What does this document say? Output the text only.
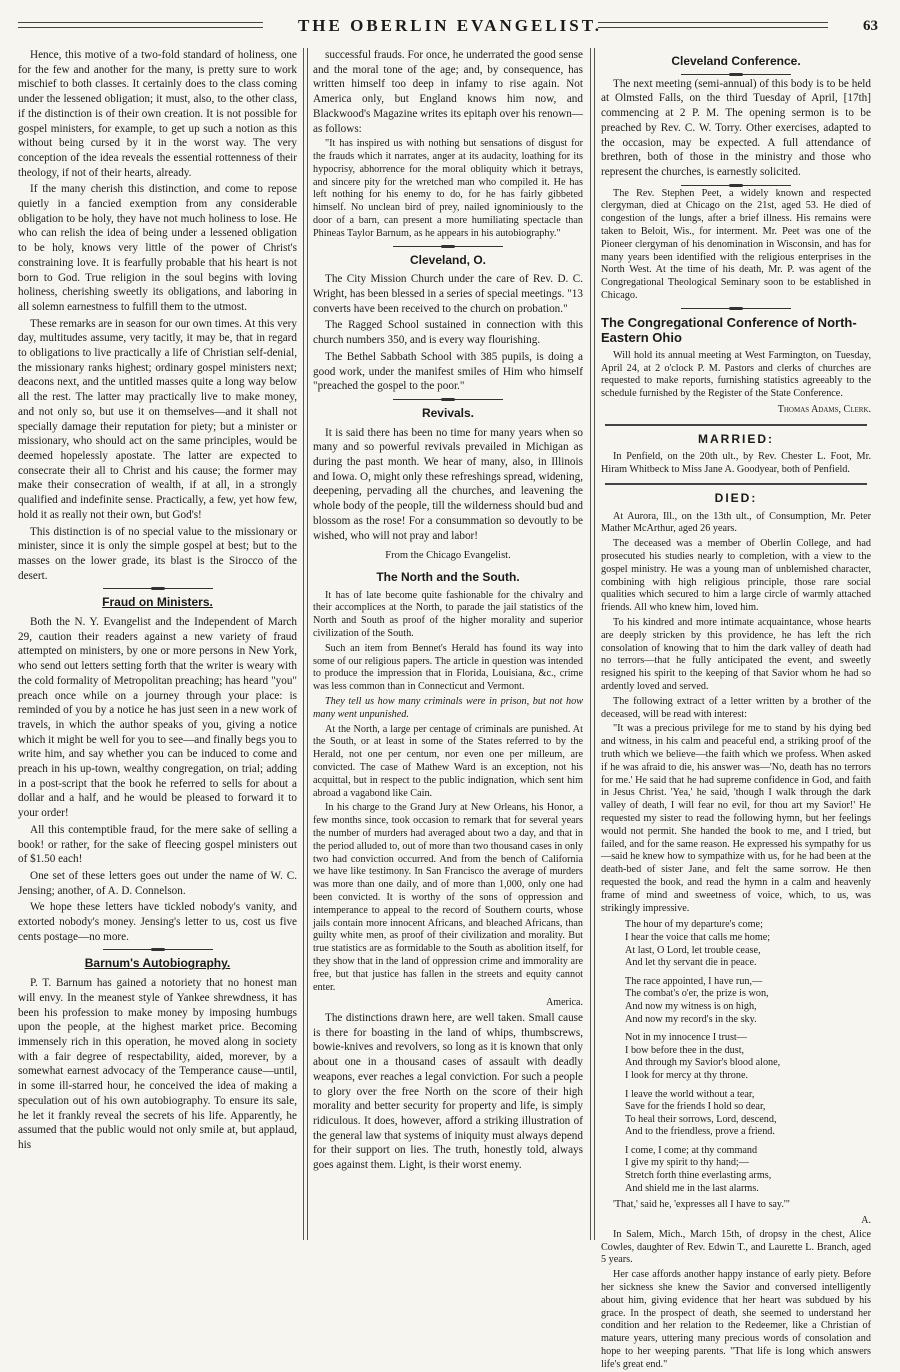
THE OBERLIN EVANGELIST.	63

Hence, this motive of a two-fold standard of holiness, one for the few and another for the many, is pretty sure to work mischief to both classes. It certainly does to the class coming under the lessened obligation; it must, also, to the other class, if the distinction is of their own creation. It is not possible for gospel ministers, for example, to get up such a notion as this without being cursed by it in the worst way. The very conception of the idea reveals the essential rottenness of their theology, if not of their hearts, already.

If the many cherish this distinction, and come to repose quietly in a fancied exemption from any considerable obligation to be holy, they have not much holiness to lose. He who can relish the idea of being under a lessened obligation to be holy, knows very little of the power of Christ's constraining love. It is fearfully probable that his heart is not born to God. True religion in the soul begins with loving holiness, cherishing sweetly its obligations, and laboring in all solemn earnestness to fulfill them to the utmost.

These remarks are in season for our own times. At this very day, multitudes assume, very tacitly, it may be, that in regard to obligations to live practically a life of Christian self-denial, the missionary ranks highest; ordinary gospel ministers next; deacons next, and the untitled masses quite a long way below all the rest. The latter may practically live to make money, and not only so, but use it on themselves—and it shall not specially damage their reputation for piety; but a minister or missionary, who should act on the same principles, would be deemed hopelessly apostate. The latter are expected to consecrate their all to Christ and his cause; the former may make their consecration of wealth, if at all, in a strongly qualified and indefinite sense. Practically, a few, yet how few, hold it as really not their own, but God's!

This distinction is of no special value to the missionary or minister, since it is only the simple gospel at best; but to the masses on the lower grade, its blast is the Sirocco of the desert.

Fraud on Ministers.

Both the N. Y. Evangelist and the Independent of March 29, caution their readers against a new variety of fraud attempted on ministers, by one or more persons in New York, who send out letters setting forth that the writer is weary with the cold formality of Metropolitan preaching; has heard "you" preach once while on a journey through your place: is reminded of you by a notice he has just seen in a new work of travels, in which the author speaks of you, giving a notice which it might be well for you to see—and finally begs you to write him, and say whether you can be induced to come and preach in his up-town, wealthy congregation, on trial; adding in a post-script that the book he referred to sells for about a dollar and a half, and he would be pleased to forward it to your order!

All this contemptible fraud, for the mere sake of selling a book! or rather, for the sake of fleecing gospel ministers out of $1.50 each!

One set of these letters goes out under the name of W. C. Jensing; another, of A. D. Connelson.

We hope these letters have tickled nobody's vanity, and extorted nobody's money. Jensing's letter to us, cost us five cents postage—no more.

Barnum's Autobiography.

P. T. Barnum has gained a notoriety that no honest man will envy. In the meanest style of Yankee shrewdness, it has been his profession to make money by imposing humbugs upon the people, at the highest market price. Becoming immensely rich in this operation, he moved along in society with a fair degree of respectability, aided, morever, by a somewhat earnest advocacy of the Temperance cause—until, in some ill-starred hour, he conceived the idea of making a speculation out of his own autobiography. To ensure its sale, he let it frankly reveal the secrets of his life. Apparently, he assumed that the public would not only smile at, but applaud, his

successful frauds. For once, he underrated the good sense and the moral tone of the age; and, by consequence, has written himself too deep in infamy to rise again. Not America only, but England knows him now, and Blackwood's Magazine writes its epitaph over his renown—as follows:

"It has inspired us with nothing but sensations of disgust for the frauds which it narrates, anger at its audacity, loathing for its hypocrisy, abhorrence for the moral obliquity which it betrays, and sincere pity for the wretched man who compiled it. He has left nothing for his enemy to do, for he has fairly gibbeted himself. No unclean bird of prey, nailed ignominiously to the door of a barn, can present a more humiliating spectacle than Phineas Taylor Barnum, as he appears in his autobiography."

Cleveland, O.

The City Mission Church under the care of Rev. D. C. Wright, has been blessed in a series of special meetings. "13 converts have been received to the church on probation."

The Ragged School sustained in connection with this church numbers 350, and is every way flourishing.

The Bethel Sabbath School with 385 pupils, is doing a good work, under the manifest smiles of Him who himself "preached the gospel to the poor."

Revivals.

It is said there has been no time for many years when so many and so powerful revivals prevailed in Michigan as during the past month. We hear of many, also, in Illinois and Iowa. O, might only these refreshings spread, widening, deepening, pervading all the churches, and leavening the whole body of the people, till the wilderness should bud and blossom as the rose! For a consummation so devoutly to be wished, who will not pray and labor!

From the Chicago Evangelist.
The North and the South.

It has of late become quite fashionable for the chivalry and their accomplices at the North, to parade the jail statistics of the North and South as proof of the higher morality and superior civilization of the South.

Such an item from Bennet's Herald has found its way into some of our religious papers. The article in question was intended to produce the impression that in Florida, Louisiana, &c., crime was less common than in Connecticut and Vermont.

They tell us how many criminals were in prison, but not how many went unpunished.

At the North, a large per centage of criminals are punished. At the South, or at least in some of the States referred to by the Herald, not one per centum, nor even one per milleum, are convicted. The case of Mathew Ward is an exception, not his acquittal, but in respect to the public indignation, which sent him abroad a vagabond like Cain.

In his charge to the Grand Jury at New Orleans, his Honor, a few months since, took occasion to remark that for several years the number of murders had averaged about two a day, and that in the period alluded to, out of more than two thousand cases in only two had conviction occurred. And from the bench of California we have like testimony. In San Francisco the average of murders was more than one daily, and of more than 1,000, only one had been convicted. It is worthy of the sons of oppression and intemperance to appeal to the record of Southern courts, whose jails contain more innocent Africans, and bleached Africans, than guilty white men, as proof of their civilization and morality. But true statistics are as formidable to the South as abolition itself, for they show that in the land of oppression crime and immorality are free, but that justice has fallen in the streets and equity cannot enter.

America.

The distinctions drawn here, are well taken. Small cause is there for boasting in the land of whips, thumbscrews, bowie-knives and revolvers, so long as it is known that only about one in a thousand cases of assault with deadly weapons, ever reaches a legal conviction. For such a people to glory over the free North on the score of their high morality and better security for property and life, is simply ridiculous. It does, however, afford a striking illustration of the general law that systems of iniquity must always depend for their support on lies. The truth, honestly told, always goes against them. Light, is their worst enemy.

Cleveland Conference.

The next meeting (semi-annual) of this body is to be held at Olmsted Falls, on the third Tuesday of April, [17th] commencing at 2 P. M. The opening sermon is to be preached by Rev. C. W. Torry. Other exercises, adapted to the occasion, may be expected. A full attendance of brethren, both of those in the ministry and those who represent the churches, is earnestly solicited.

The Rev. Stephen Peet, a widely known and respected clergyman, died at Chicago on the 21st, aged 53. He died of congestion of the lungs, after a brief illness. His remains were taken to Beloit, Wis., for interment. Mr. Peet was one of the Pioneer clergyman of his denomination in Wisconsin, and has for many years been identified with the religious enterprises in the North West. At the time of his death, Mr. P. was agent of the Congregational Theological Seminary soon to be established in Chicago.

The Congregational Conference of North-Eastern Ohio

Will hold its annual meeting at West Farmington, on Tuesday, April 24, at 2 o'clock P. M. Pastors and clerks of churches are requested to make reports, furnishing statistics agreeably to the schedule furnished by the Register of the State Conference.

Thomas Adams, Clerk.
MARRIED:

In Penfield, on the 20th ult., by Rev. Chester L. Foot, Mr. Hiram Whitbeck to Miss Jane A. Goodyear, both of Penfield.

DIED:

At Aurora, Ill., on the 13th ult., of Consumption, Mr. Peter Mather McArthur, aged 26 years.

The deceased was a member of Oberlin College, and had prosecuted his studies nearly to completion, with a view to the gospel ministry. He was a young man of unblemished character, combining with high religious principle, those rare social qualities which secured to him a large circle of warmly attached friends. All who knew him, loved him.

To his kindred and more intimate acquaintance, whose hearts are deeply stricken by this providence, he has left the rich consolation of knowing that to him the dark valley of death had no terrors—that he fully anticipated the event, and sweetly resigned his spirit to the keeping of that Savior whom he had so ardently loved and served.

The following extract of a letter written by a brother of the deceased, will be read with interest:

"It was a precious privilege for me to stand by his dying bed and witness, in his calm and peaceful end, a striking proof of the truth which we believe—the faith which we profess. When asked if he was afraid to die, his answer was—'No, death has no terrors for me.' He said that he had supreme confidence in God, and faith in Jesus Christ. 'Yea,' he said, 'though I walk through the dark valley of death, I will fear no evil, for thou art my Savior!' He requested my sister to read the following hymn, but her feelings would not permit. She handed the book to me, and I tried, but failed, and for the same reason. He expressed his sympathy for us—said he knew how to sympathize with us, for he had been at the death-bed of sister Jane, and felt the same sorrow. He then requested the book, and read the hymn in a calm and heavenly frame of mind and sweetness of voice, which, to us, was strikingly impressive.

The hour of my departure's come;
I hear the voice that calls me home;
At last, O Lord, let trouble cease,
And let thy servant die in peace.
The race appointed, I have run,—
The combat's o'er, the prize is won,
And now my witness is on high,
And now my record's in the sky.
Not in my innocence I trust—
I bow before thee in the dust,
And through my Savior's blood alone,
I look for mercy at thy throne.
I leave the world without a tear,
Save for the friends I hold so dear,
To heal their sorrows, Lord, descend,
And to the friendless, prove a friend.
I come, I come; at thy command
I give my spirit to thy hand;—
Stretch forth thine everlasting arms,
And shield me in the last alarms.

'That,' said he, 'expresses all I have to say.'"

A.

In Salem, Mich., March 15th, of dropsy in the chest, Alice Cowles, daughter of Rev. Edwin T., and Laurette L. Branch, aged 5 years.

Her case affords another happy instance of early piety. Before her sickness she knew the Savior and conversed intelligently about him, giving evidence that her heart was subdued by his grace. In the prospect of death, she seemed to understand her condition and her relation to the Redeemer, like a Christian of mature years, uttering many precious words of consolation and hope to her weeping parents. "That life is long which answers life's great end."
